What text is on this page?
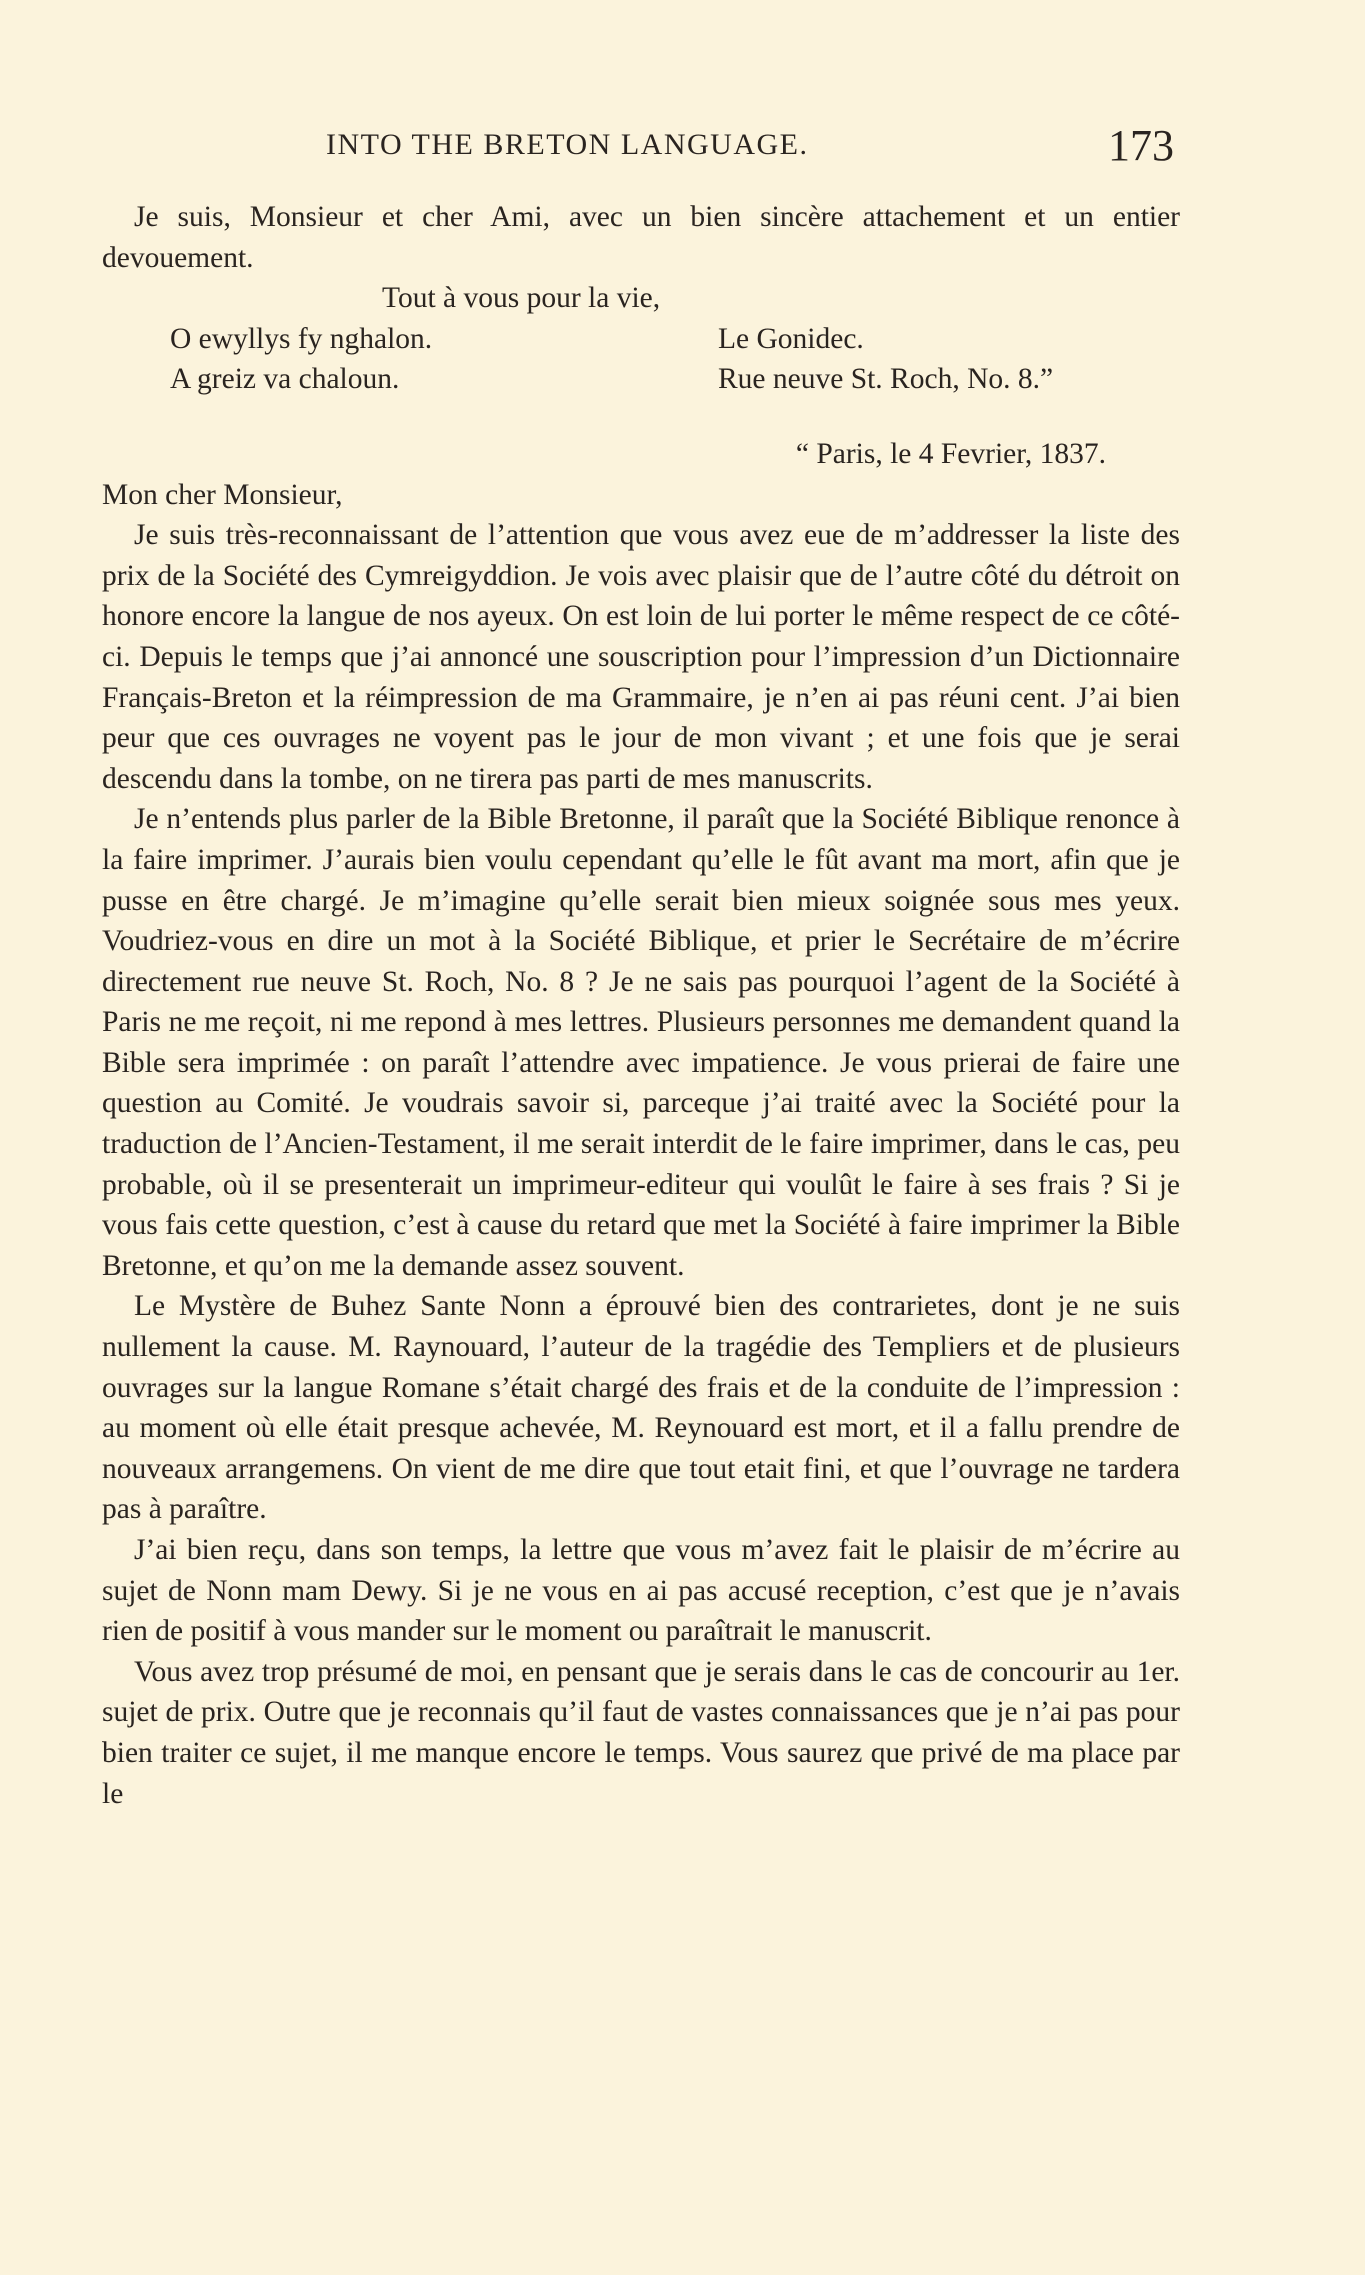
INTO THE BRETON LANGUAGE.	173

Je suis, Monsieur et cher Ami, avec un bien sincère attachement et un entier devouement.

Tout à vous pour la vie,

O ewyllys fy nghalon.	Le Gonidec.
A greiz va chaloun.	Rue neuve St. Roch, No. 8.”

“ Paris, le 4 Fevrier, 1837.

Mon cher Monsieur,

Je suis très-reconnaissant de l’attention que vous avez eue de m’addresser la liste des prix de la Société des Cymreigyddion. Je vois avec plaisir que de l’autre côté du détroit on honore encore la langue de nos ayeux. On est loin de lui porter le même respect de ce côté-ci. Depuis le temps que j’ai annoncé une souscription pour l’impression d’un Dictionnaire Français-Breton et la réimpression de ma Grammaire, je n’en ai pas réuni cent. J’ai bien peur que ces ouvrages ne voyent pas le jour de mon vivant ; et une fois que je serai descendu dans la tombe, on ne tirera pas parti de mes manuscrits.

Je n’entends plus parler de la Bible Bretonne, il paraît que la Société Biblique renonce à la faire imprimer. J’aurais bien voulu cependant qu’elle le fût avant ma mort, afin que je pusse en être chargé. Je m’imagine qu’elle serait bien mieux soignée sous mes yeux. Voudriez-vous en dire un mot à la Société Biblique, et prier le Secrétaire de m’écrire directement rue neuve St. Roch, No. 8 ? Je ne sais pas pourquoi l’agent de la Société à Paris ne me reçoit, ni me repond à mes lettres. Plusieurs personnes me demandent quand la Bible sera imprimée : on paraît l’attendre avec impatience. Je vous prierai de faire une question au Comité. Je voudrais savoir si, parceque j’ai traité avec la Société pour la traduction de l’Ancien-Testament, il me serait interdit de le faire imprimer, dans le cas, peu probable, où il se presenterait un imprimeur-editeur qui voulût le faire à ses frais ? Si je vous fais cette question, c’est à cause du retard que met la Société à faire imprimer la Bible Bretonne, et qu’on me la demande assez souvent.

Le Mystère de Buhez Sante Nonn a éprouvé bien des contrarietes, dont je ne suis nullement la cause. M. Raynouard, l’auteur de la tragédie des Templiers et de plusieurs ouvrages sur la langue Romane s’était chargé des frais et de la conduite de l’impression : au moment où elle était presque achevée, M. Reynouard est mort, et il a fallu prendre de nouveaux arrangemens. On vient de me dire que tout etait fini, et que l’ouvrage ne tardera pas à paraître.

J’ai bien reçu, dans son temps, la lettre que vous m’avez fait le plaisir de m’écrire au sujet de Nonn mam Dewy. Si je ne vous en ai pas accusé reception, c’est que je n’avais rien de positif à vous mander sur le moment ou paraîtrait le manuscrit.

Vous avez trop présumé de moi, en pensant que je serais dans le cas de concourir au 1er. sujet de prix. Outre que je reconnais qu’il faut de vastes connaissances que je n’ai pas pour bien traiter ce sujet, il me manque encore le temps. Vous saurez que privé de ma place par le
